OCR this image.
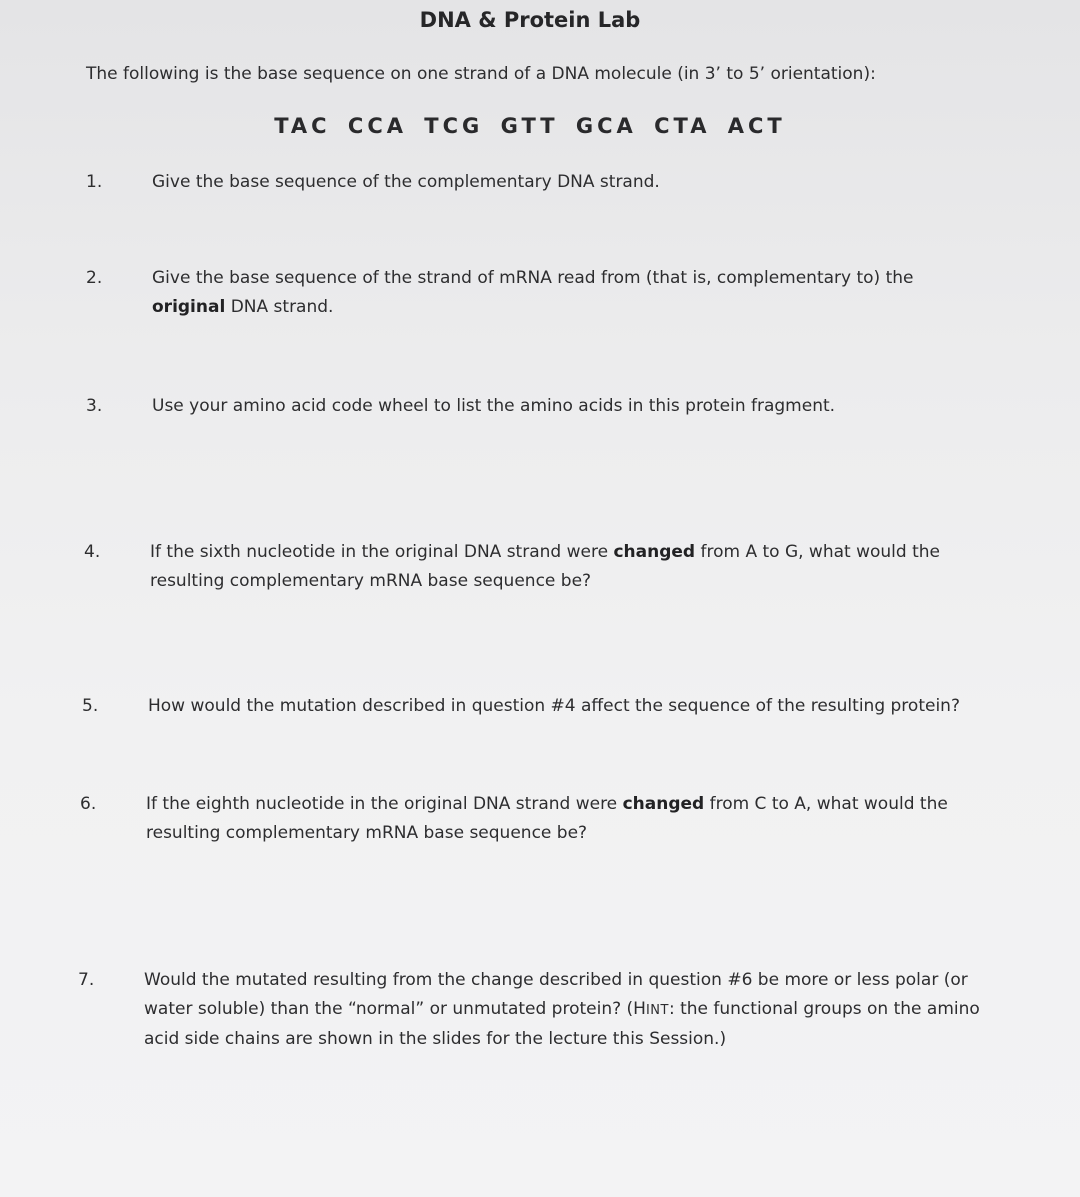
DNA & Protein Lab
The following is the base sequence on one strand of a DNA molecule (in 3’ to 5’ orientation):
TAC CCA TCG GTT GCA CTA ACT
1.	Give the base sequence of the complementary DNA strand.
2.	Give the base sequence of the strand of mRNA read from (that is, complementary to) the
original DNA strand.
3.	Use your amino acid code wheel to list the amino acids in this protein fragment.
4.	If the sixth nucleotide in the original DNA strand were changed from A to G, what would the resulting complementary mRNA base sequence be?
5.	How would the mutation described in question #4 affect the sequence of the resulting protein?
6.	If the eighth nucleotide in the original DNA strand were changed from C to A, what would the resulting complementary mRNA base sequence be?
7.	Would the mutated resulting from the change described in question #6 be more or less polar (or water soluble) than the “normal” or unmutated protein? (HINT: the functional groups on the amino acid side chains are shown in the slides for the lecture this Session.)
